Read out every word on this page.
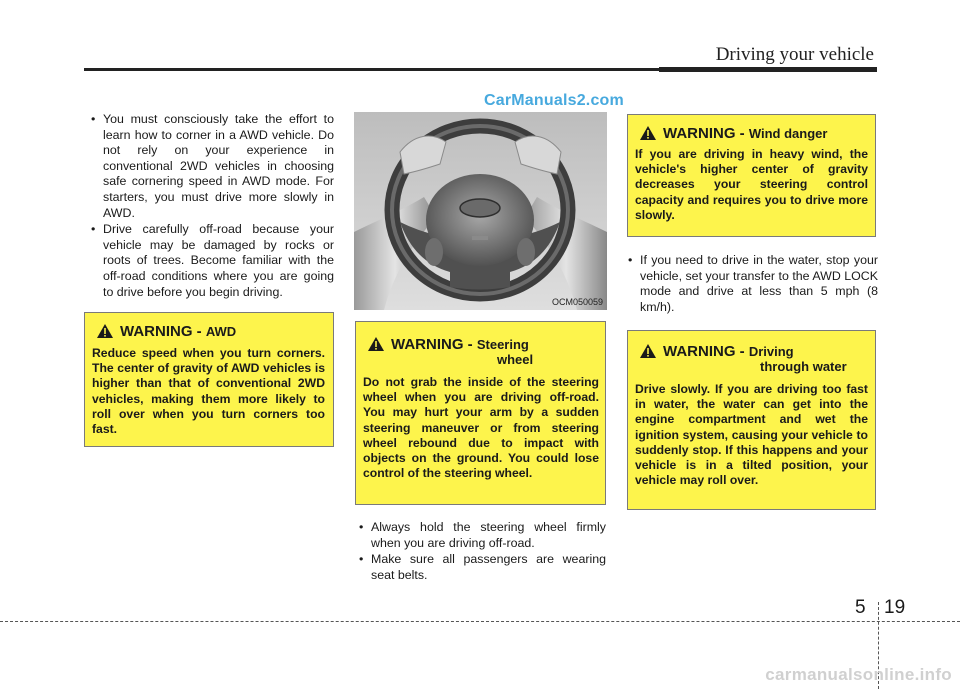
Driving your vehicle
CarManuals2.com
• You must consciously take the effort to learn how to corner in a AWD vehicle. Do not rely on your experience in conventional 2WD vehicles in choosing safe cornering speed in AWD mode. For starters, you must drive more slowly in AWD.
• Drive carefully off-road because your vehicle may be damaged by rocks or roots of trees. Become familiar with the off-road conditions where you are going to drive before you begin driving.
OCM050059
WARNING - AWD
Reduce speed when you turn corners. The center of gravity of AWD vehicles is higher than that of conventional 2WD vehicles, making them more likely to roll over when you turn corners too fast.
WARNING - Steering
wheel
Do not grab the inside of the steering wheel when you are driving off-road. You may hurt your arm by a sudden steering maneuver or from steering wheel rebound due to impact with objects on the ground. You could lose control of the steering wheel.
WARNING - Wind danger
If you are driving in heavy wind, the vehicle's higher center of gravity decreases your steering control capacity and requires you to drive more slowly.
WARNING - Driving
through water
Drive slowly. If you are driving too fast in water, the water can get into the engine compartment and wet the ignition system, causing your vehicle to suddenly stop. If this happens and your vehicle is in a tilted position, your vehicle may roll over.
• Always hold the steering wheel firmly when you are driving off-road.
• Make sure all passengers are wearing seat belts.
• If you need to drive in the water, stop your vehicle, set your transfer to the AWD LOCK mode and drive at less than 5 mph (8 km/h).
5 19
carmanualsonline.info
